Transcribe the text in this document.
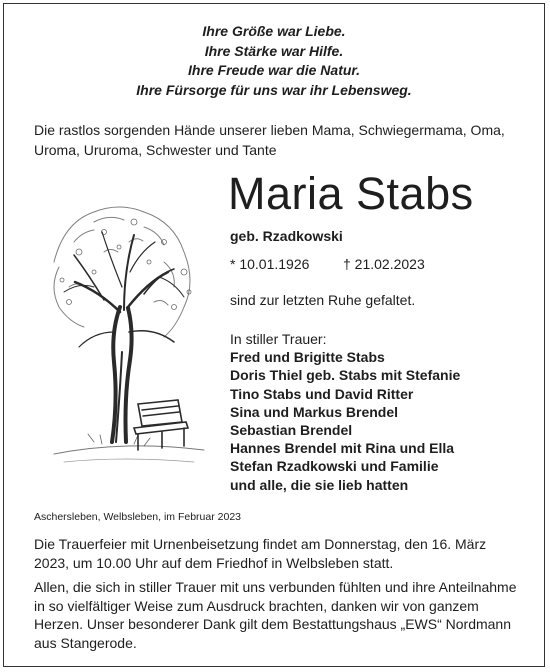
Ihre Größe war Liebe.
Ihre Stärke war Hilfe.
Ihre Freude war die Natur.
Ihre Fürsorge für uns war ihr Lebensweg.
Die rastlos sorgenden Hände unserer lieben Mama, Schwiegermama, Oma, Uroma, Ururoma, Schwester und Tante
Maria Stabs
geb. Rzadkowski
* 10.01.1926 † 21.02.2023
sind zur letzten Ruhe gefaltet.
In stiller Trauer:
Fred und Brigitte Stabs
Doris Thiel geb. Stabs mit Stefanie
Tino Stabs und David Ritter
Sina und Markus Brendel
Sebastian Brendel
Hannes Brendel mit Rina und Ella
Stefan Rzadkowski und Familie
und alle, die sie lieb hatten
Aschersleben, Welbsleben, im Februar 2023
Die Trauerfeier mit Urnenbeisetzung findet am Donnerstag, den 16. März 2023, um 10.00 Uhr auf dem Friedhof in Welbsleben statt.
Allen, die sich in stiller Trauer mit uns verbunden fühlten und ihre Anteilnahme in so vielfältiger Weise zum Ausdruck brachten, danken wir von ganzem Herzen. Unser besonderer Dank gilt dem Bestattungshaus „EWS“ Nordmann aus Stangerode.
